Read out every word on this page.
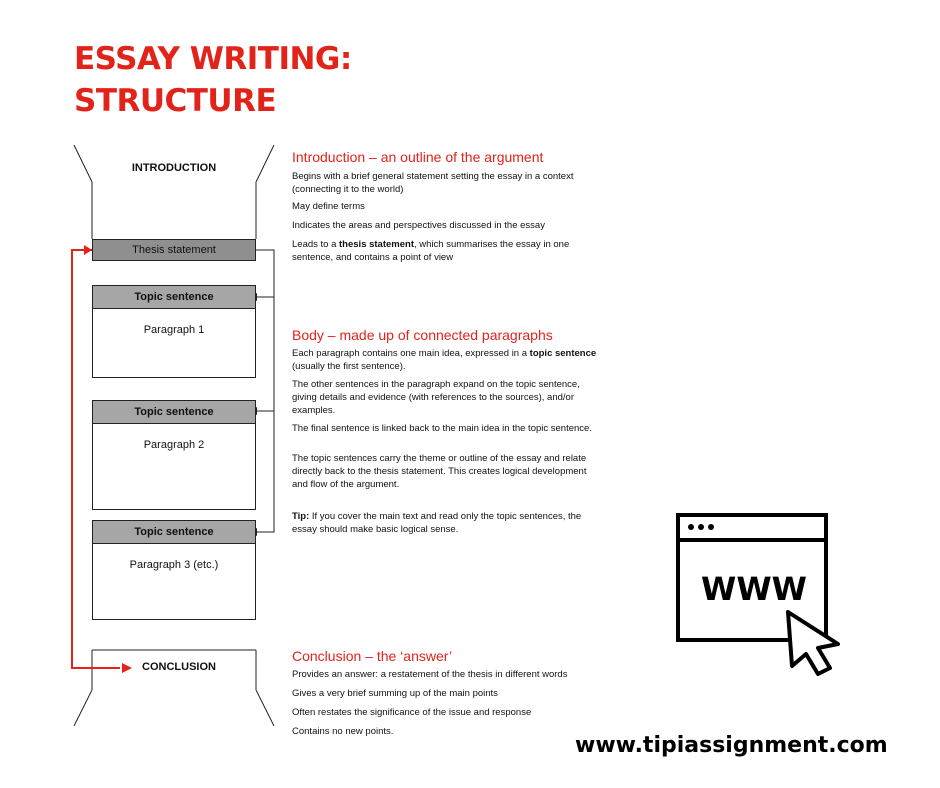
ESSAY WRITING:
STRUCTURE
INTRODUCTION
Thesis statement
Topic sentence
Paragraph 1
Topic sentence
Paragraph 2
Topic sentence
Paragraph 3 (etc.)
CONCLUSION
Introduction – an outline of the argument
Begins with a brief general statement setting the essay in a context (connecting it to the world)
May define terms
Indicates the areas and perspectives discussed in the essay
Leads to a thesis statement, which summarises the essay in one sentence, and contains a point of view
Body – made up of connected paragraphs
Each paragraph contains one main idea, expressed in a topic sentence (usually the first sentence).
The other sentences in the paragraph expand on the topic sentence, giving details and evidence (with references to the sources), and/or examples.
The final sentence is linked back to the main idea in the topic sentence.
The topic sentences carry the theme or outline of the essay and relate directly back to the thesis statement. This creates logical development and flow of the argument.
Tip: If you cover the main text and read only the topic sentences, the essay should make basic logical sense.
Conclusion – the ‘answer’
Provides an answer: a restatement of the thesis in different words
Gives a very brief summing up of the main points
Often restates the significance of the issue and response
Contains no new points.
WWW
www.tipiassignment.com
